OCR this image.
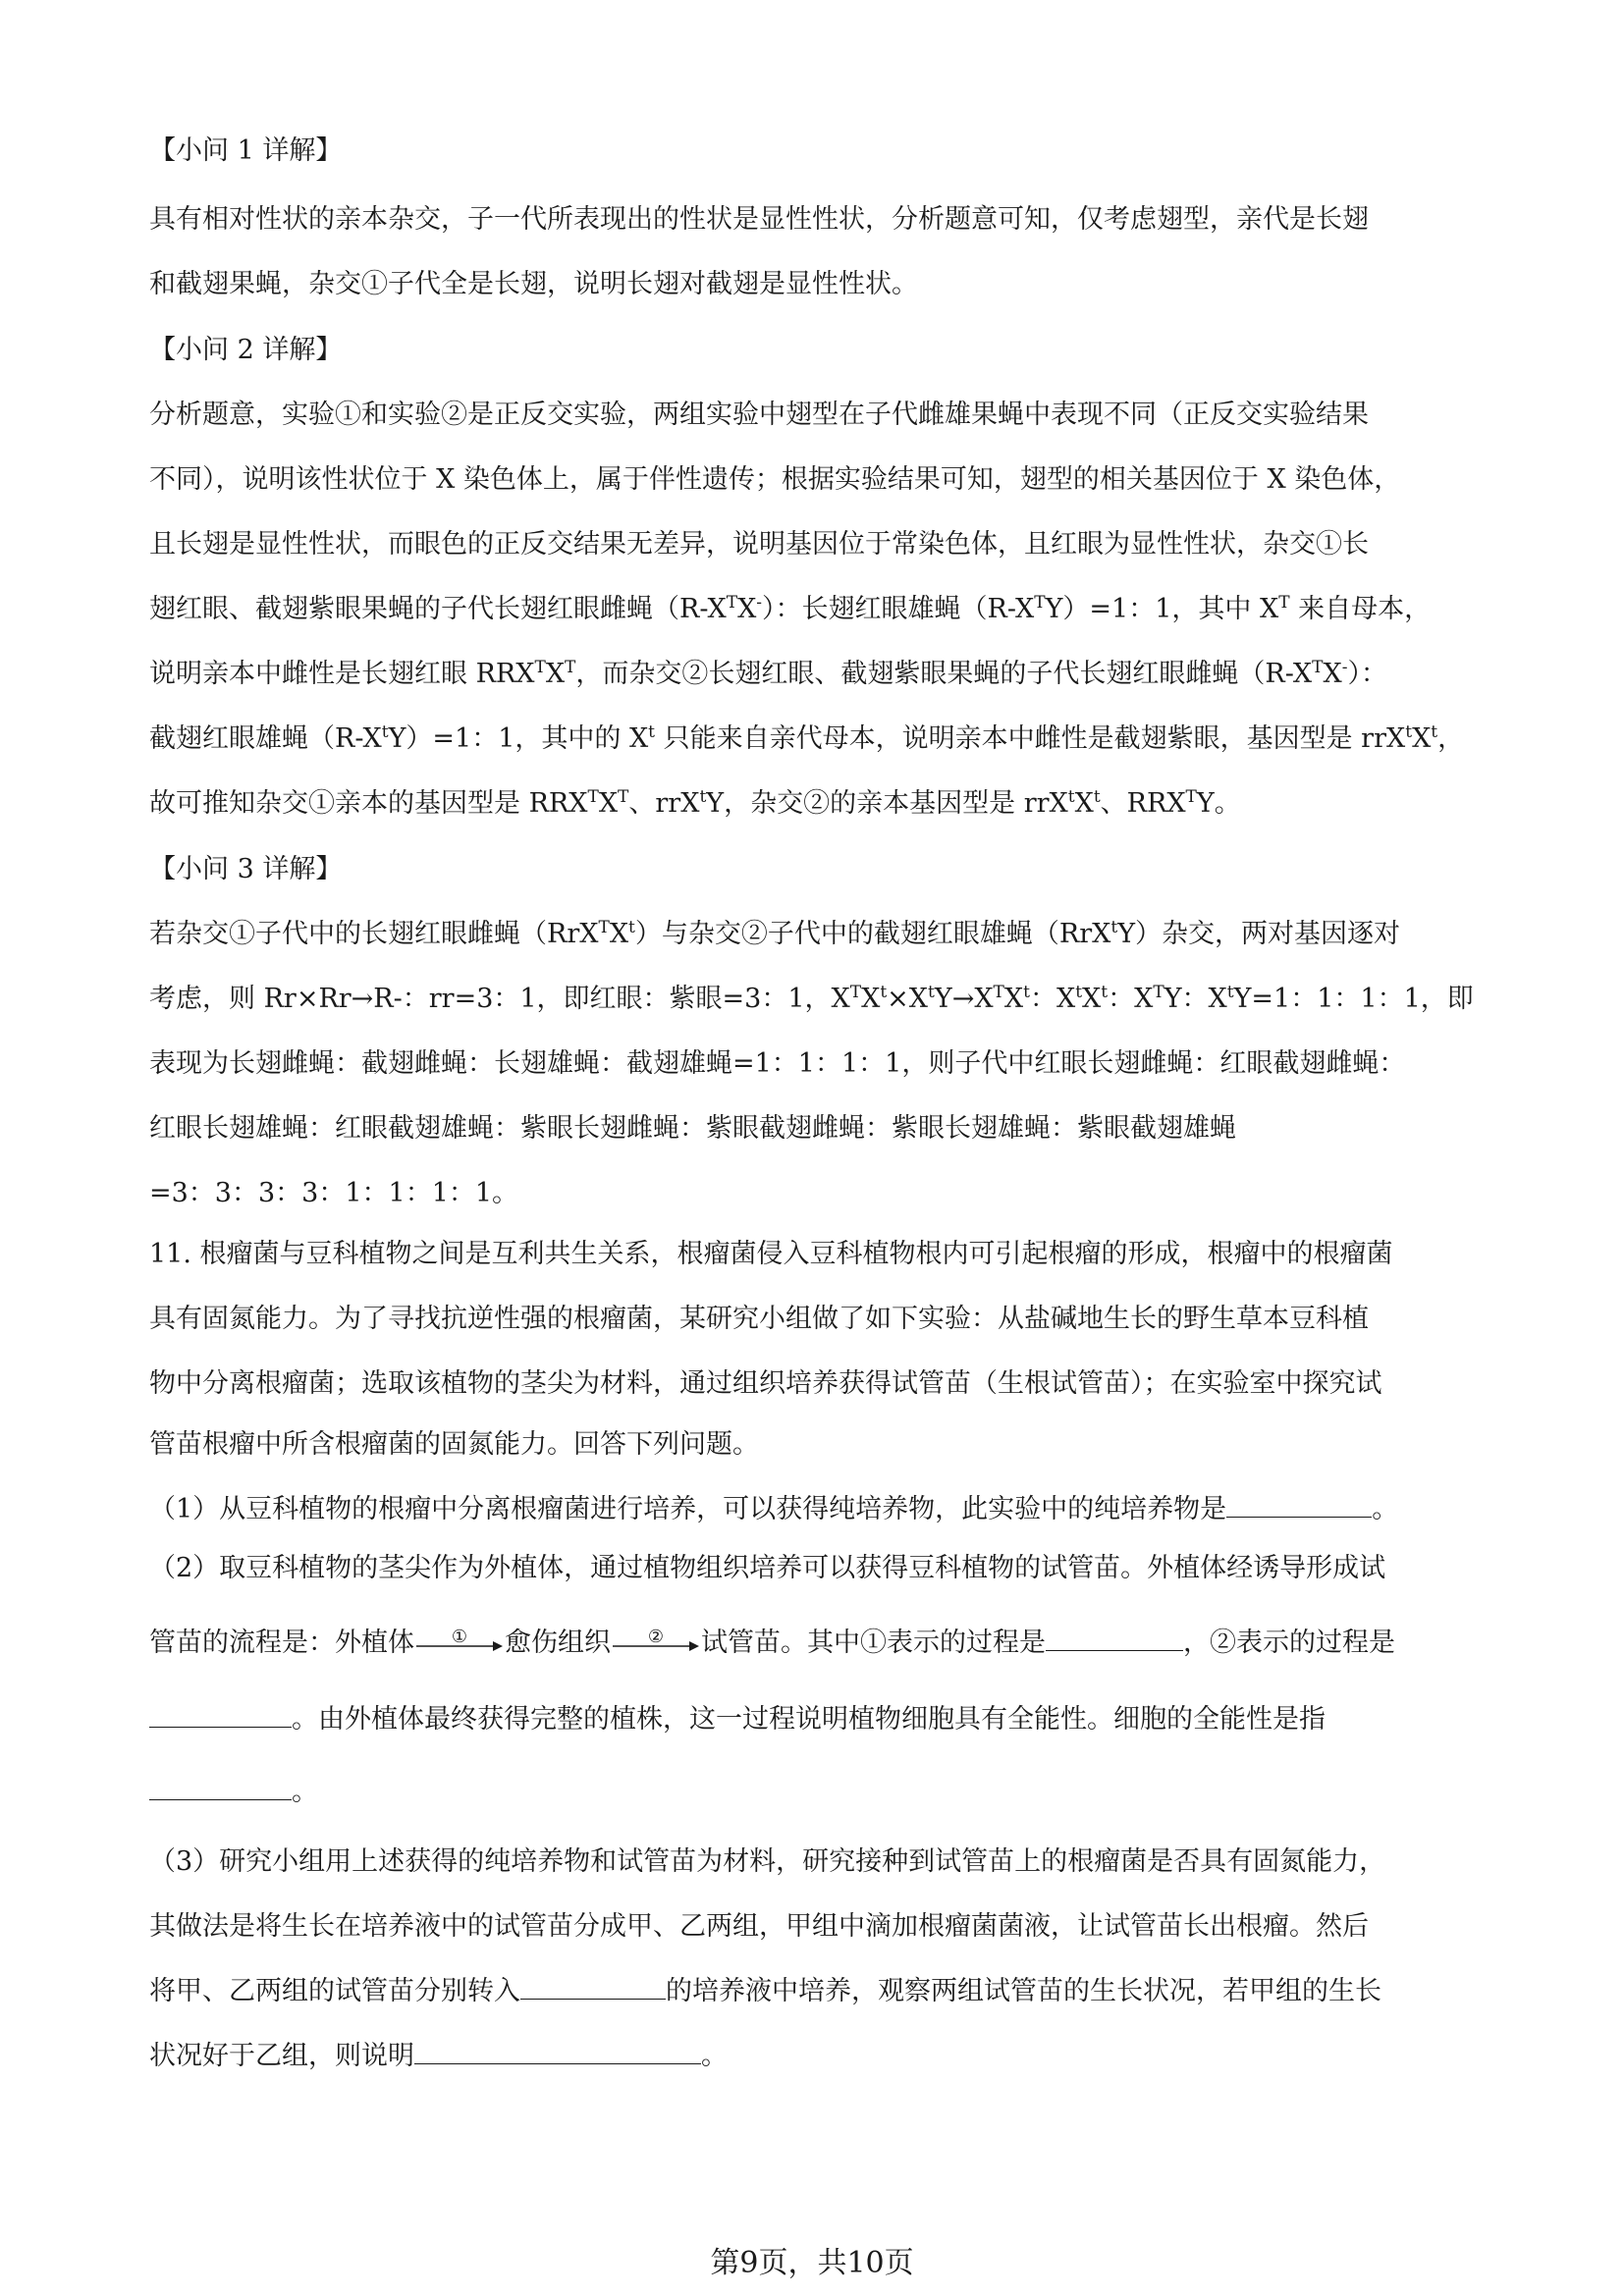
【小问 1 详解】
具有相对性状的亲本杂交，子一代所表现出的性状是显性性状，分析题意可知，仅考虑翅型，亲代是长翅
和截翅果蝇，杂交①子代全是长翅，说明长翅对截翅是显性性状。
【小问 2 详解】
分析题意，实验①和实验②是正反交实验，两组实验中翅型在子代雌雄果蝇中表现不同（正反交实验结果
不同），说明该性状位于 X 染色体上，属于伴性遗传；根据实验结果可知，翅型的相关基因位于 X 染色体，
且长翅是显性性状，而眼色的正反交结果无差异，说明基因位于常染色体，且红眼为显性性状，杂交①长
翅红眼、截翅紫眼果蝇的子代长翅红眼雌蝇$(R-X^TX^-)$：长翅红眼雄蝇$(R-X^TY)=1$：1，其中 $X^T$ 来自母本，
说明亲本中雌性是长翅红眼 $RRX^TX^T$，而杂交②长翅红眼、截翅紫眼果蝇的子代长翅红眼雌蝇$(R-X^TX^-)$：
截翅红眼雄蝇$(R-X^tY)=1$：1，其中的 $X^t$ 只能来自亲代母本，说明亲本中雌性是截翅紫眼，基因型是 $rrX^tX^t$，
故可推知杂交①亲本的基因型是 $RRX^TX^T$、rrX$^t$Y，杂交②的亲本基因型是 $rrX^tX^t$、$RRX^TY$。
【小问 3 详解】
若杂交①子代中的长翅红眼雌蝇$(RrX^TX^t)$与杂交②子代中的截翅红眼雄蝇（RrX$^t$Y）杂交，两对基因逐对
考虑，则 Rr×Rr→R-：rr=3：1，即红眼：紫眼=3：1，$X^TX^t\times X^tY\to X^TX^t$：$X^tX^t$：$X^TY$：$X^tY=1$：1：1：1，即
表现为长翅雌蝇：截翅雌蝇：长翅雄蝇：截翅雄蝇=1：1：1：1，则子代中红眼长翅雌蝇：红眼截翅雌蝇：
红眼长翅雄蝇：红眼截翅雄蝇：紫眼长翅雌蝇：紫眼截翅雌蝇：紫眼长翅雄蝇：紫眼截翅雄蝇
=3：3：3：3：1：1：1：1。
11. 根瘤菌与豆科植物之间是互利共生关系，根瘤菌侵入豆科植物根内可引起根瘤的形成，根瘤中的根瘤菌
具有固氮能力。为了寻找抗逆性强的根瘤菌，某研究小组做了如下实验：从盐碱地生长的野生草本豆科植
物中分离根瘤菌；选取该植物的茎尖为材料，通过组织培养获得试管苗（生根试管苗）；在实验室中探究试
管苗根瘤中所含根瘤菌的固氮能力。回答下列问题。
（1）从豆科植物的根瘤中分离根瘤菌进行培养，可以获得纯培养物，此实验中的纯培养物是	。
（2）取豆科植物的茎尖作为外植体，通过植物组织培养可以获得豆科植物的试管苗。外植体经诱导形成试
管苗的流程是：外植体	①	愈伤组织	②	试管苗。其中①表示的过程是	，②表示的过程是
。由外植体最终获得完整的植株，这一过程说明植物细胞具有全能性。细胞的全能性是指
。
（3）研究小组用上述获得的纯培养物和试管苗为材料，研究接种到试管苗上的根瘤菌是否具有固氮能力，
其做法是将生长在培养液中的试管苗分成甲、乙两组，甲组中滴加根瘤菌菌液，让试管苗长出根瘤。然后
将甲、乙两组的试管苗分别转入	的培养液中培养，观察两组试管苗的生长状况，若甲组的生长
状况好于乙组，则说明	。
第9页，共10页
